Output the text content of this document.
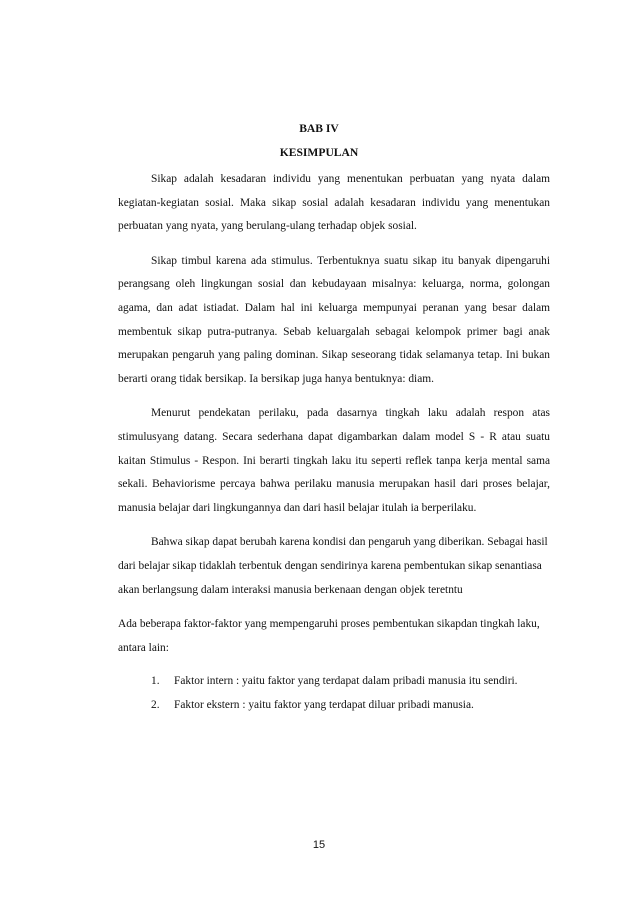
BAB IV
KESIMPULAN

Sikap adalah kesadaran individu yang menentukan perbuatan yang nyata dalam kegiatan-kegiatan sosial. Maka sikap sosial adalah kesadaran individu yang menentukan perbuatan yang nyata, yang berulang-ulang terhadap objek sosial.

Sikap timbul karena ada stimulus. Terbentuknya suatu sikap itu banyak dipengaruhi perangsang oleh lingkungan sosial dan kebudayaan misalnya: keluarga, norma, golongan agama, dan adat istiadat. Dalam hal ini keluarga mempunyai peranan yang besar dalam membentuk sikap putra-putranya. Sebab keluargalah sebagai kelompok primer bagi anak merupakan pengaruh yang paling dominan. Sikap seseorang tidak selamanya tetap. Ini bukan berarti orang tidak bersikap. Ia bersikap juga hanya bentuknya: diam.

Menurut pendekatan perilaku, pada dasarnya tingkah laku adalah respon atas stimulusyang datang. Secara sederhana dapat digambarkan dalam model S - R atau suatu kaitan Stimulus - Respon. Ini berarti tingkah laku itu seperti reflek tanpa kerja mental sama sekali. Behaviorisme percaya bahwa perilaku manusia merupakan hasil dari proses belajar, manusia belajar dari lingkungannya dan dari hasil belajar itulah ia berperilaku.

Bahwa sikap dapat berubah karena kondisi dan pengaruh yang diberikan. Sebagai hasil dari belajar sikap tidaklah terbentuk dengan sendirinya karena pembentukan sikap senantiasa akan berlangsung dalam interaksi manusia berkenaan dengan objek teretntu

Ada beberapa faktor-faktor yang mempengaruhi proses pembentukan sikapdan tingkah laku, antara lain:

1. Faktor intern : yaitu faktor yang terdapat dalam pribadi manusia itu sendiri.
2. Faktor ekstern : yaitu faktor yang terdapat diluar pribadi manusia.
15
